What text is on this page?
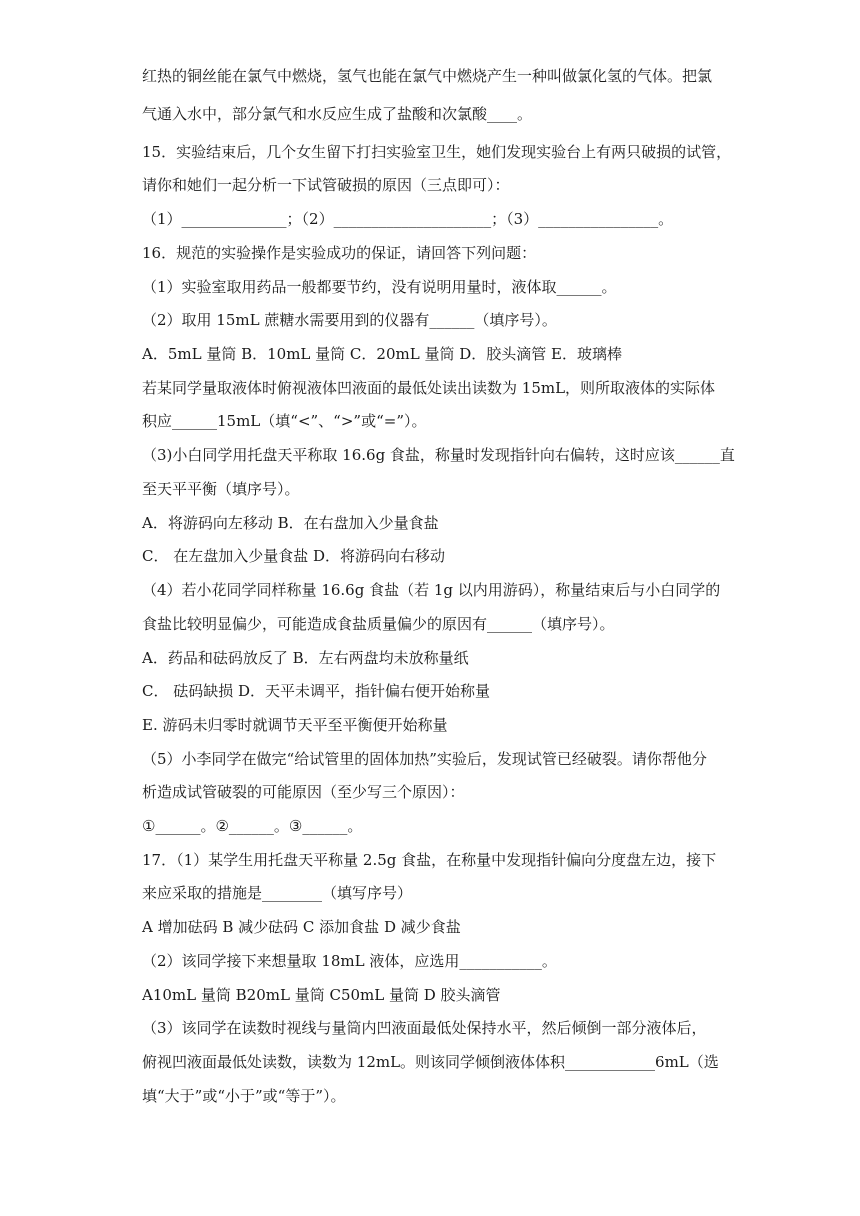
红热的铜丝能在氯气中燃烧，氢气也能在氯气中燃烧产生一种叫做氯化氢的气体。把氯
气通入水中，部分氯气和水反应生成了盐酸和次氯酸____。
15．实验结束后，几个女生留下打扫实验室卫生，她们发现实验台上有两只破损的试管，
请你和她们一起分析一下试管破损的原因（三点即可）：
（1）______________；（2）_____________________；（3）________________。
16．规范的实验操作是实验成功的保证，请回答下列问题：
（1）实验室取用药品一般都要节约，没有说明用量时，液体取______。
（2）取用 15mL 蔗糖水需要用到的仪器有______（填序号）。
A．5mL 量筒 B．10mL 量筒 C．20mL 量筒 D．胶头滴管 E．玻璃棒
若某同学量取液体时俯视液体凹液面的最低处读出读数为 15mL，则所取液体的实际体
积应______15mL（填“<”、“>”或“=”）。
（3)小白同学用托盘天平称取 16.6g 食盐，称量时发现指针向右偏转，这时应该______直
至天平平衡（填序号）。
A．将游码向左移动 B．在右盘加入少量食盐
C． 在左盘加入少量食盐 D．将游码向右移动
（4）若小花同学同样称量 16.6g 食盐（若 1g 以内用游码），称量结束后与小白同学的
食盐比较明显偏少，可能造成食盐质量偏少的原因有______（填序号）。
A．药品和砝码放反了 B．左右两盘均未放称量纸
C． 砝码缺损 D．天平未调平，指针偏右便开始称量
E. 游码未归零时就调节天平至平衡便开始称量
（5）小李同学在做完“给试管里的固体加热”实验后，发现试管已经破裂。请你帮他分
析造成试管破裂的可能原因（至少写三个原因）：
①______。②______。③______。
17．（1）某学生用托盘天平称量 2.5g 食盐，在称量中发现指针偏向分度盘左边，接下
来应采取的措施是________（填写序号）
A 增加砝码 B 减少砝码 C 添加食盐 D 减少食盐
（2）该同学接下来想量取 18mL 液体，应选用___________。
A10mL 量筒 B20mL 量筒 C50mL 量筒 D 胶头滴管
（3）该同学在读数时视线与量筒内凹液面最低处保持水平，然后倾倒一部分液体后，
俯视凹液面最低处读数，读数为 12mL。则该同学倾倒液体体积____________6mL（选
填“大于”或“小于”或“等于”）。
